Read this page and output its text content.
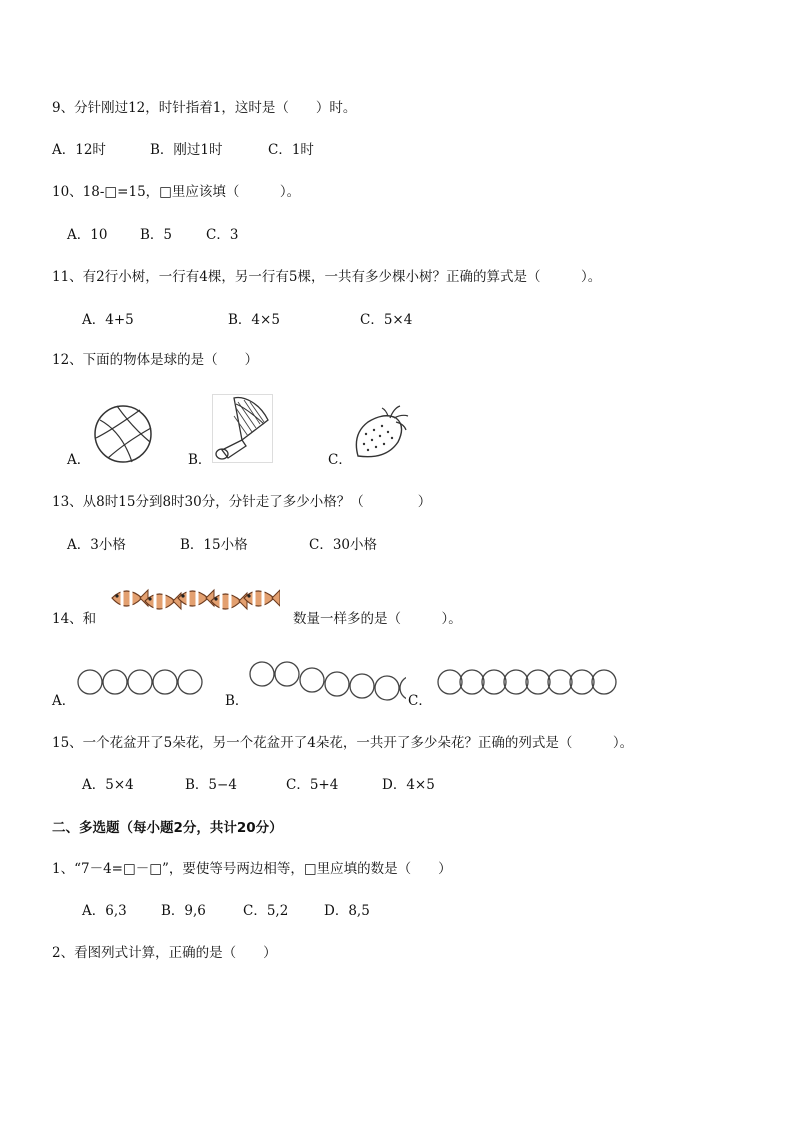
9、分针刚过12，时针指着1，这时是（　　）时。
A．12时	B．刚过1时	C．1时
10、18-□=15，□里应该填（　　　）。
A．10 B．5	C．3
11、有2行小树，一行有4棵，另一行有5棵，一共有多少棵小树？正确的算式是（　　　）。
A．4+5	B．4×5	C．5×4
12、下面的物体是球的是（　　）
A．	B．	C．
13、从8时15分到8时30分，分针走了多少小格？（　　　　）
A．3小格	B．15小格	C．30小格
14、和	数量一样多的是（　　　）。
A．	B．	C．
15、一个花盆开了5朵花，另一个花盆开了4朵花，一共开了多少朵花？正确的列式是（　　　）。
A．5×4	B．5−4	C．5+4	D．4×5
二、多选题（每小题2分，共计20分）
1、“7－4=□－□”，要使等号两边相等，□里应填的数是（　　）
A．6,3	B．9,6	C．5,2	D．8,5
2、看图列式计算，正确的是（　　）
